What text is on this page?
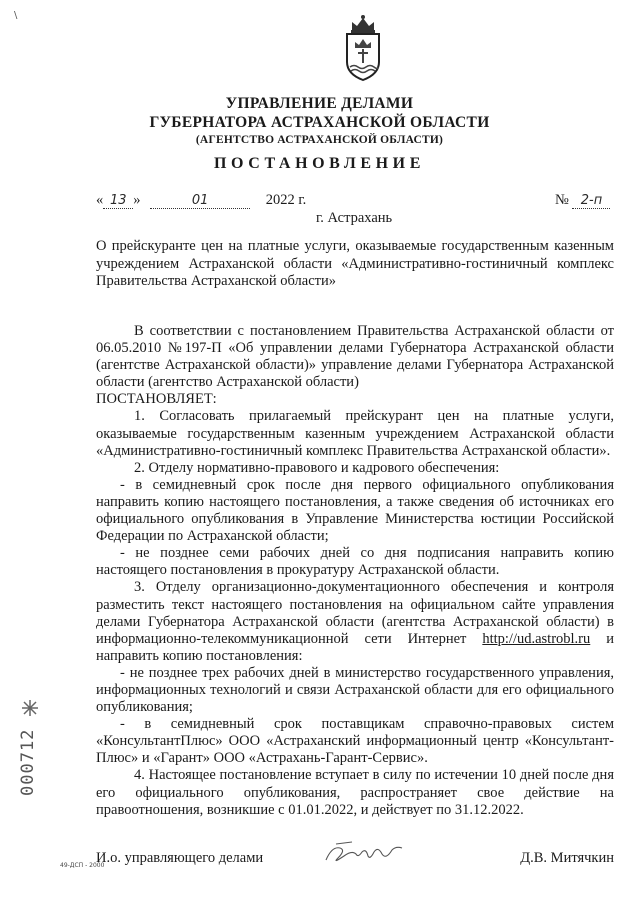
\
УПРАВЛЕНИЕ ДЕЛАМИ
ГУБЕРНАТОРА АСТРАХАНСКОЙ ОБЛАСТИ
(АГЕНТСТВО АСТРАХАНСКОЙ ОБЛАСТИ)
ПОСТАНОВЛЕНИЕ
« 13 »	01	2022 г.	№ 2-п
г. Астрахань
О прейскуранте цен на платные услуги, оказываемые государственным казенным учреждением Астраханской области «Административно-гостиничный комплекс Правительства Астраханской области»

В соответствии с постановлением Правительства Астраханской области от 06.05.2010 №197-П «Об управлении делами Губернатора Астраханской области (агентстве Астраханской области)» управление делами Губернатора Астраханской области (агентство Астраханской области)

ПОСТАНОВЛЯЕТ:

1. Согласовать прилагаемый прейскурант цен на платные услуги, оказываемые государственным казенным учреждением Астраханской области «Административно-гостиничный комплекс Правительства Астраханской области».

2. Отделу нормативно-правового и кадрового обеспечения:

- в семидневный срок после дня первого официального опубликования направить копию настоящего постановления, а также сведения об источниках его официального опубликования в Управление Министерства юстиции Российской Федерации по Астраханской области;

- не позднее семи рабочих дней со дня подписания направить копию настоящего постановления в прокуратуру Астраханской области.

3. Отделу организационно-документационного обеспечения и контроля разместить текст настоящего постановления на официальном сайте управления делами Губернатора Астраханской области (агентства Астраханской области) в информационно-телекоммуникационной сети Интернет http://ud.astrobl.ru и направить копию постановления:

- не позднее трех рабочих дней в министерство государственного управления, информационных технологий и связи Астраханской области для его официального опубликования;

- в семидневный срок поставщикам справочно-правовых систем «КонсультантПлюс» ООО «Астраханский информационный центр «Консультант-Плюс» и «Гарант» ООО «Астрахань-Гарант-Сервис».

4. Настоящее постановление вступает в силу по истечении 10 дней после дня его официального опубликования, распространяет свое действие на правоотношения, возникшие с 01.01.2022, и действует по 31.12.2022.

И.о. управляющего делами	Д.В. Митячкин
49-ДСП - 2000
000712
